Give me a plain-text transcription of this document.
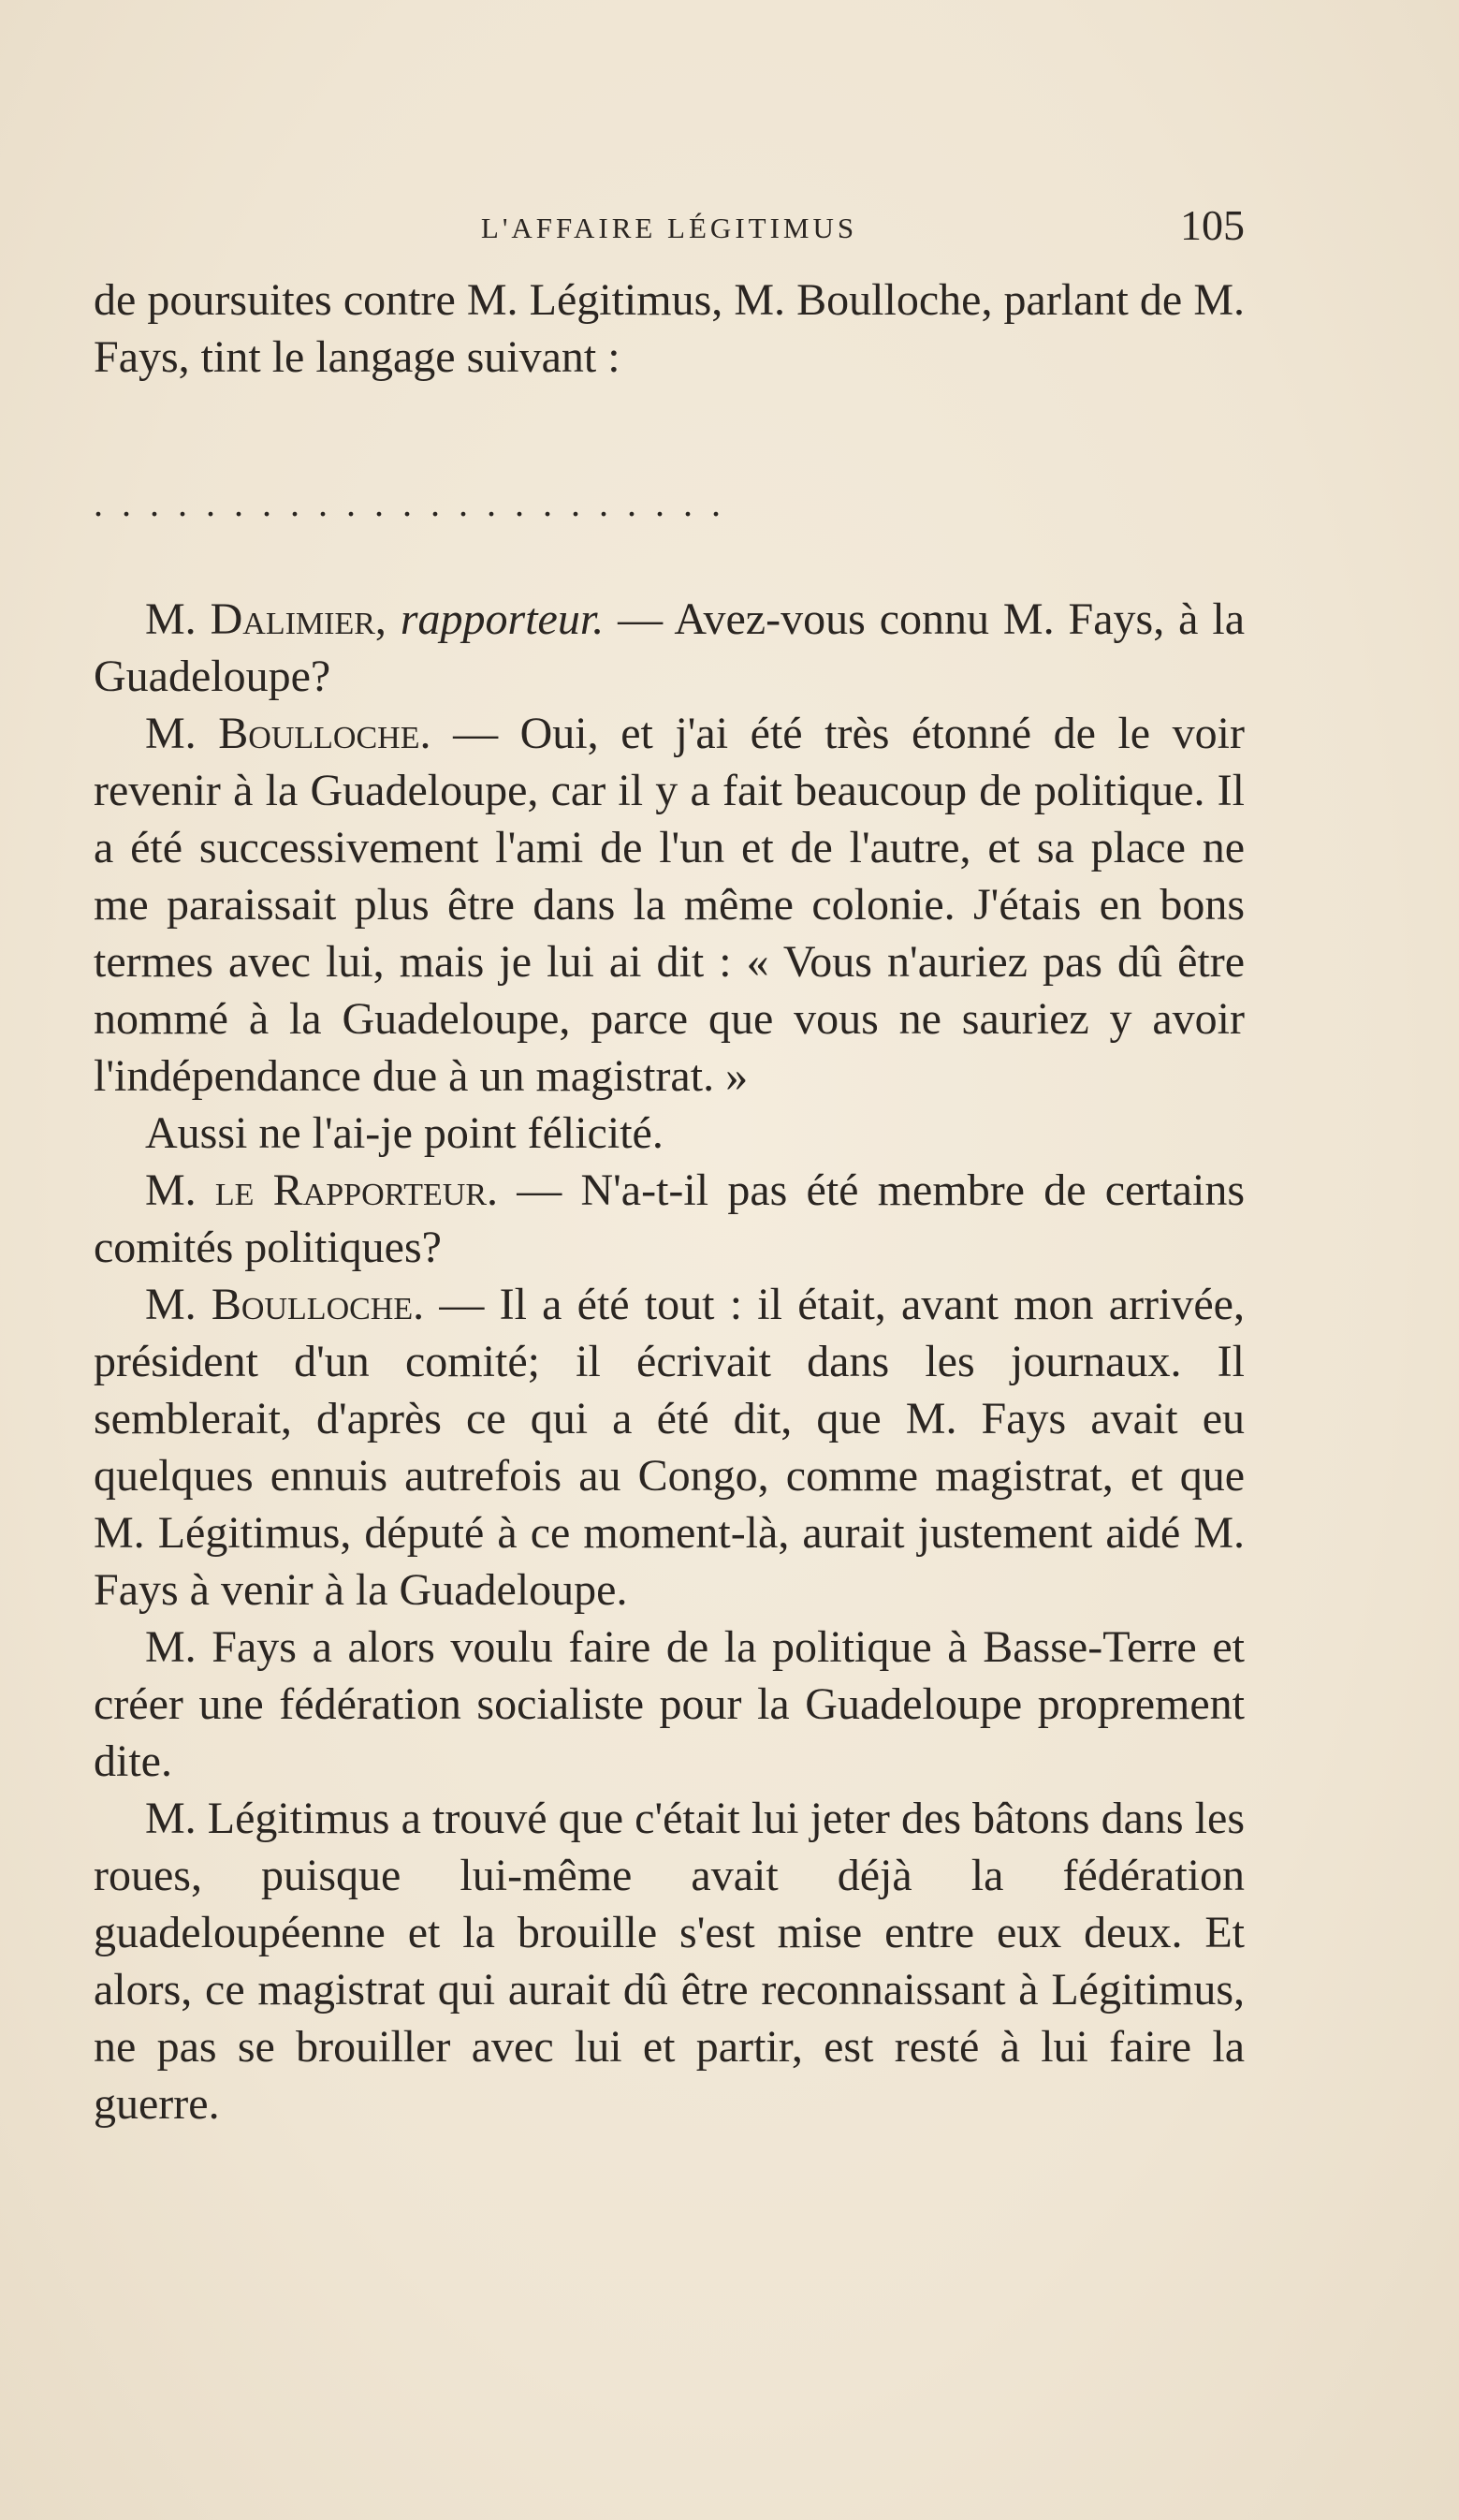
L'AFFAIRE LÉGITIMUS	105

de poursuites contre M. Légitimus, M. Boulloche, parlant de M. Fays, tint le langage suivant :

.......................

M. Dalimier, rapporteur. — Avez-vous connu M. Fays, à la Guadeloupe?

M. Boulloche. — Oui, et j'ai été très étonné de le voir revenir à la Guadeloupe, car il y a fait beaucoup de politique. Il a été successivement l'ami de l'un et de l'autre, et sa place ne me paraissait plus être dans la même colonie. J'étais en bons termes avec lui, mais je lui ai dit : « Vous n'auriez pas dû être nommé à la Guadeloupe, parce que vous ne sauriez y avoir l'indépendance due à un magistrat. »

Aussi ne l'ai-je point félicité.

M. le Rapporteur. — N'a-t-il pas été membre de certains comités politiques?

M. Boulloche. — Il a été tout : il était, avant mon arrivée, président d'un comité; il écrivait dans les journaux. Il semblerait, d'après ce qui a été dit, que M. Fays avait eu quelques ennuis autrefois au Congo, comme magistrat, et que M. Légitimus, député à ce moment-là, aurait justement aidé M. Fays à venir à la Guadeloupe.

M. Fays a alors voulu faire de la politique à Basse-Terre et créer une fédération socialiste pour la Guadeloupe proprement dite.

M. Légitimus a trouvé que c'était lui jeter des bâtons dans les roues, puisque lui-même avait déjà la fédération guadeloupéenne et la brouille s'est mise entre eux deux. Et alors, ce magistrat qui aurait dû être reconnaissant à Légitimus, ne pas se brouiller avec lui et partir, est resté à lui faire la guerre.
